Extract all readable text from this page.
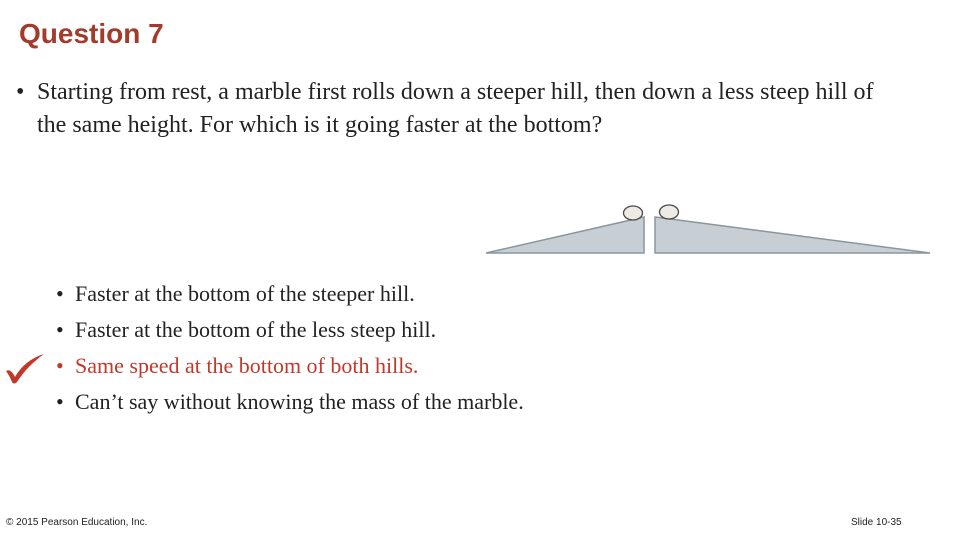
Question 7
• Starting from rest, a marble first rolls down a steeper hill, then down a less steep hill of the same height. For which is it going faster at the bottom?
• Faster at the bottom of the steeper hill.
• Faster at the bottom of the less steep hill.
• Same speed at the bottom of both hills.
• Can’t say without knowing the mass of the marble.
© 2015 Pearson Education, Inc.	Slide 10-35
